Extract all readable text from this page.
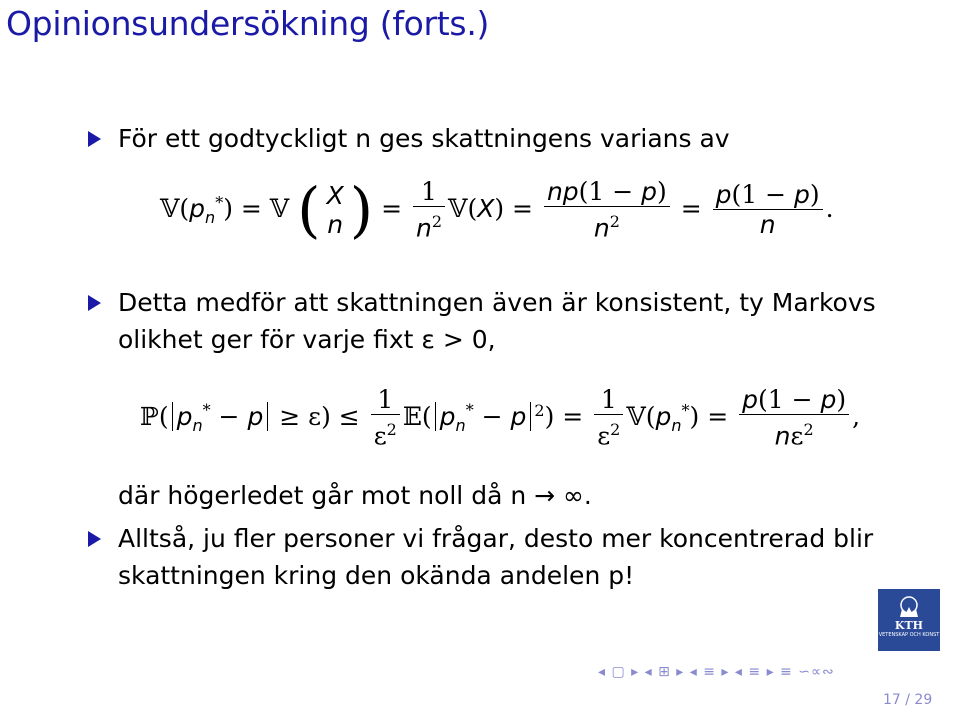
Opinionsundersökning (forts.)
För ett godtyckligt n ges skattningens varians av
$𝕍(p_n^*)$ = 𝕍 ( X
n ) = $\frac{1}{n^2}$ 𝕍(X) = $\frac{np(1 - p)}{n^2} = \frac{p(1 - p)}{n}$ .
Detta medför att skattningen även är konsistent, ty Markovs
olikhet ger för varje fixt ε > 0,
ℙ( $p_n^* - p \ge \varepsilon) \le \frac{1}{\varepsilon^2}$ 𝔼( $p_n^* - p$ $^2) = \frac{1}{\varepsilon^2}$ $𝕍(p_n^*) = \frac{p(1 - p)}{n\varepsilon^2}$ ,
där högerledet går mot noll då n → ∞.
Alltså, ju fler personer vi frågar, desto mer koncentrerad blir
skattningen kring den okända andelen p!
KTH
VETENSKAP OCH KONST
◂ ▢ ▸ ◂ ⊞ ▸ ◂ ≡ ▸ ◂ ≡ ▸ ≡ ∽∝∾
17 / 29
